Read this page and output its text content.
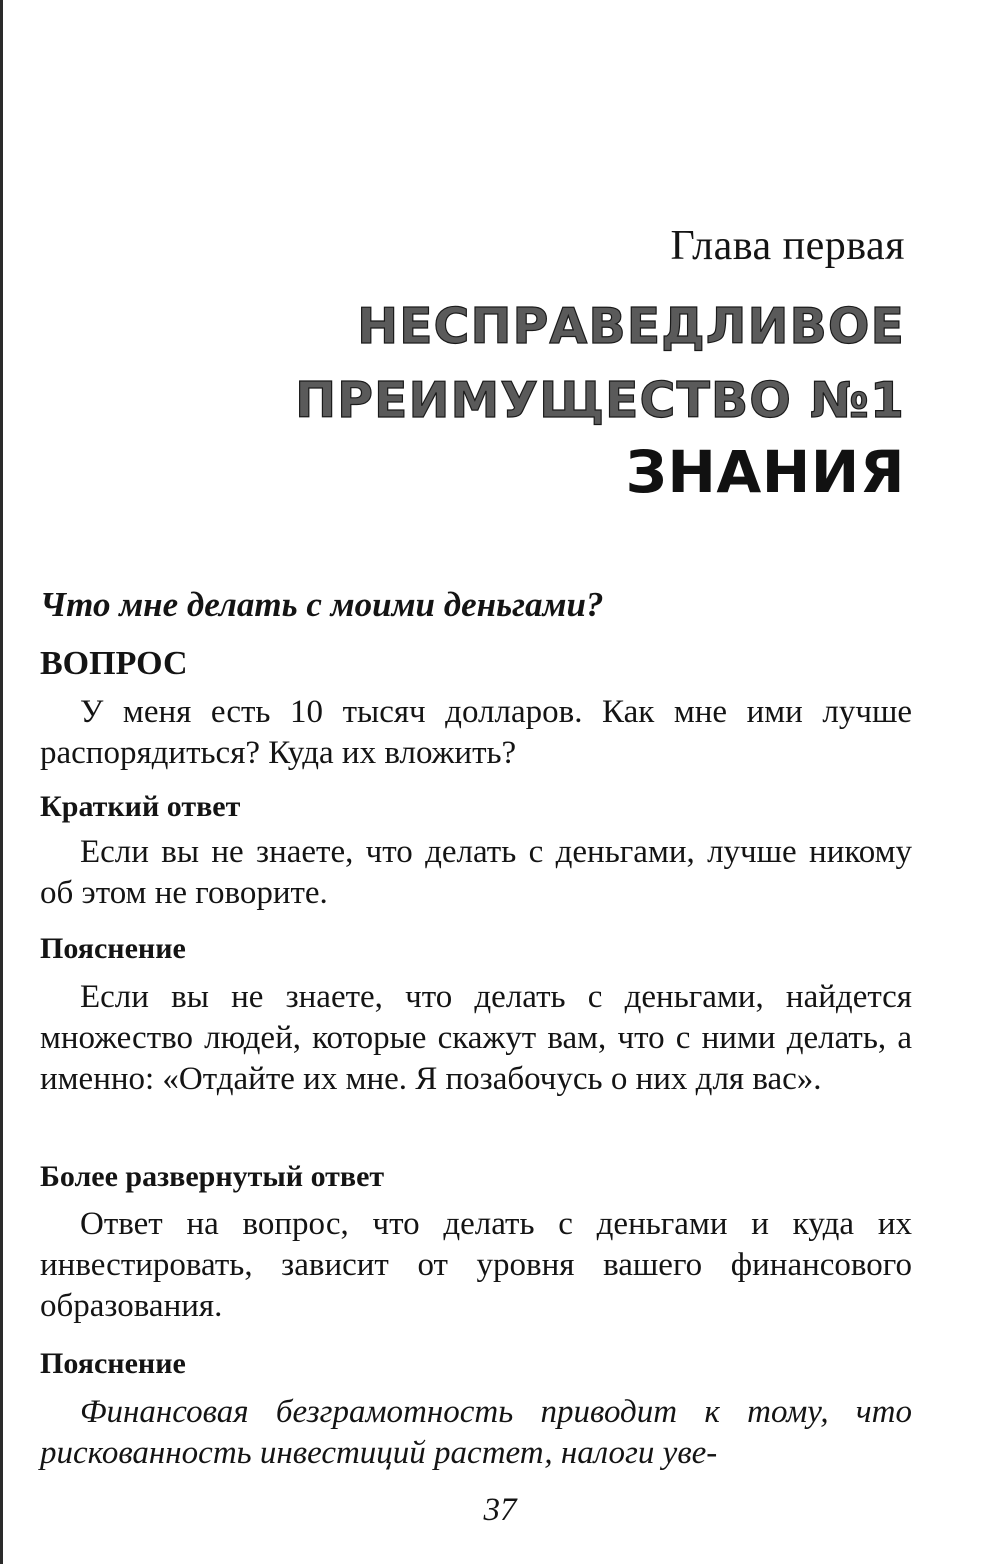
Глава первая
НЕСПРАВЕДЛИВОЕ
ПРЕИМУЩЕСТВО №1
ЗНАНИЯ
Что мне делать с моими деньгами?
ВОПРОС

У меня есть 10 тысяч долларов. Как мне ими лучше распорядиться? Куда их вложить?

Краткий ответ

Если вы не знаете, что делать с деньгами, лучше никому об этом не говорите.

Пояснение

Если вы не знаете, что делать с деньгами, найдется множество людей, которые скажут вам, что с ними делать, а именно: «Отдайте их мне. Я позабочусь о них для вас».

Более развернутый ответ

Ответ на вопрос, что делать с деньгами и куда их инвестировать, зависит от уровня вашего финансового образования.

Пояснение

Финансовая безграмотность приводит к тому, что рискованность инвестиций растет, налоги уве-

37
